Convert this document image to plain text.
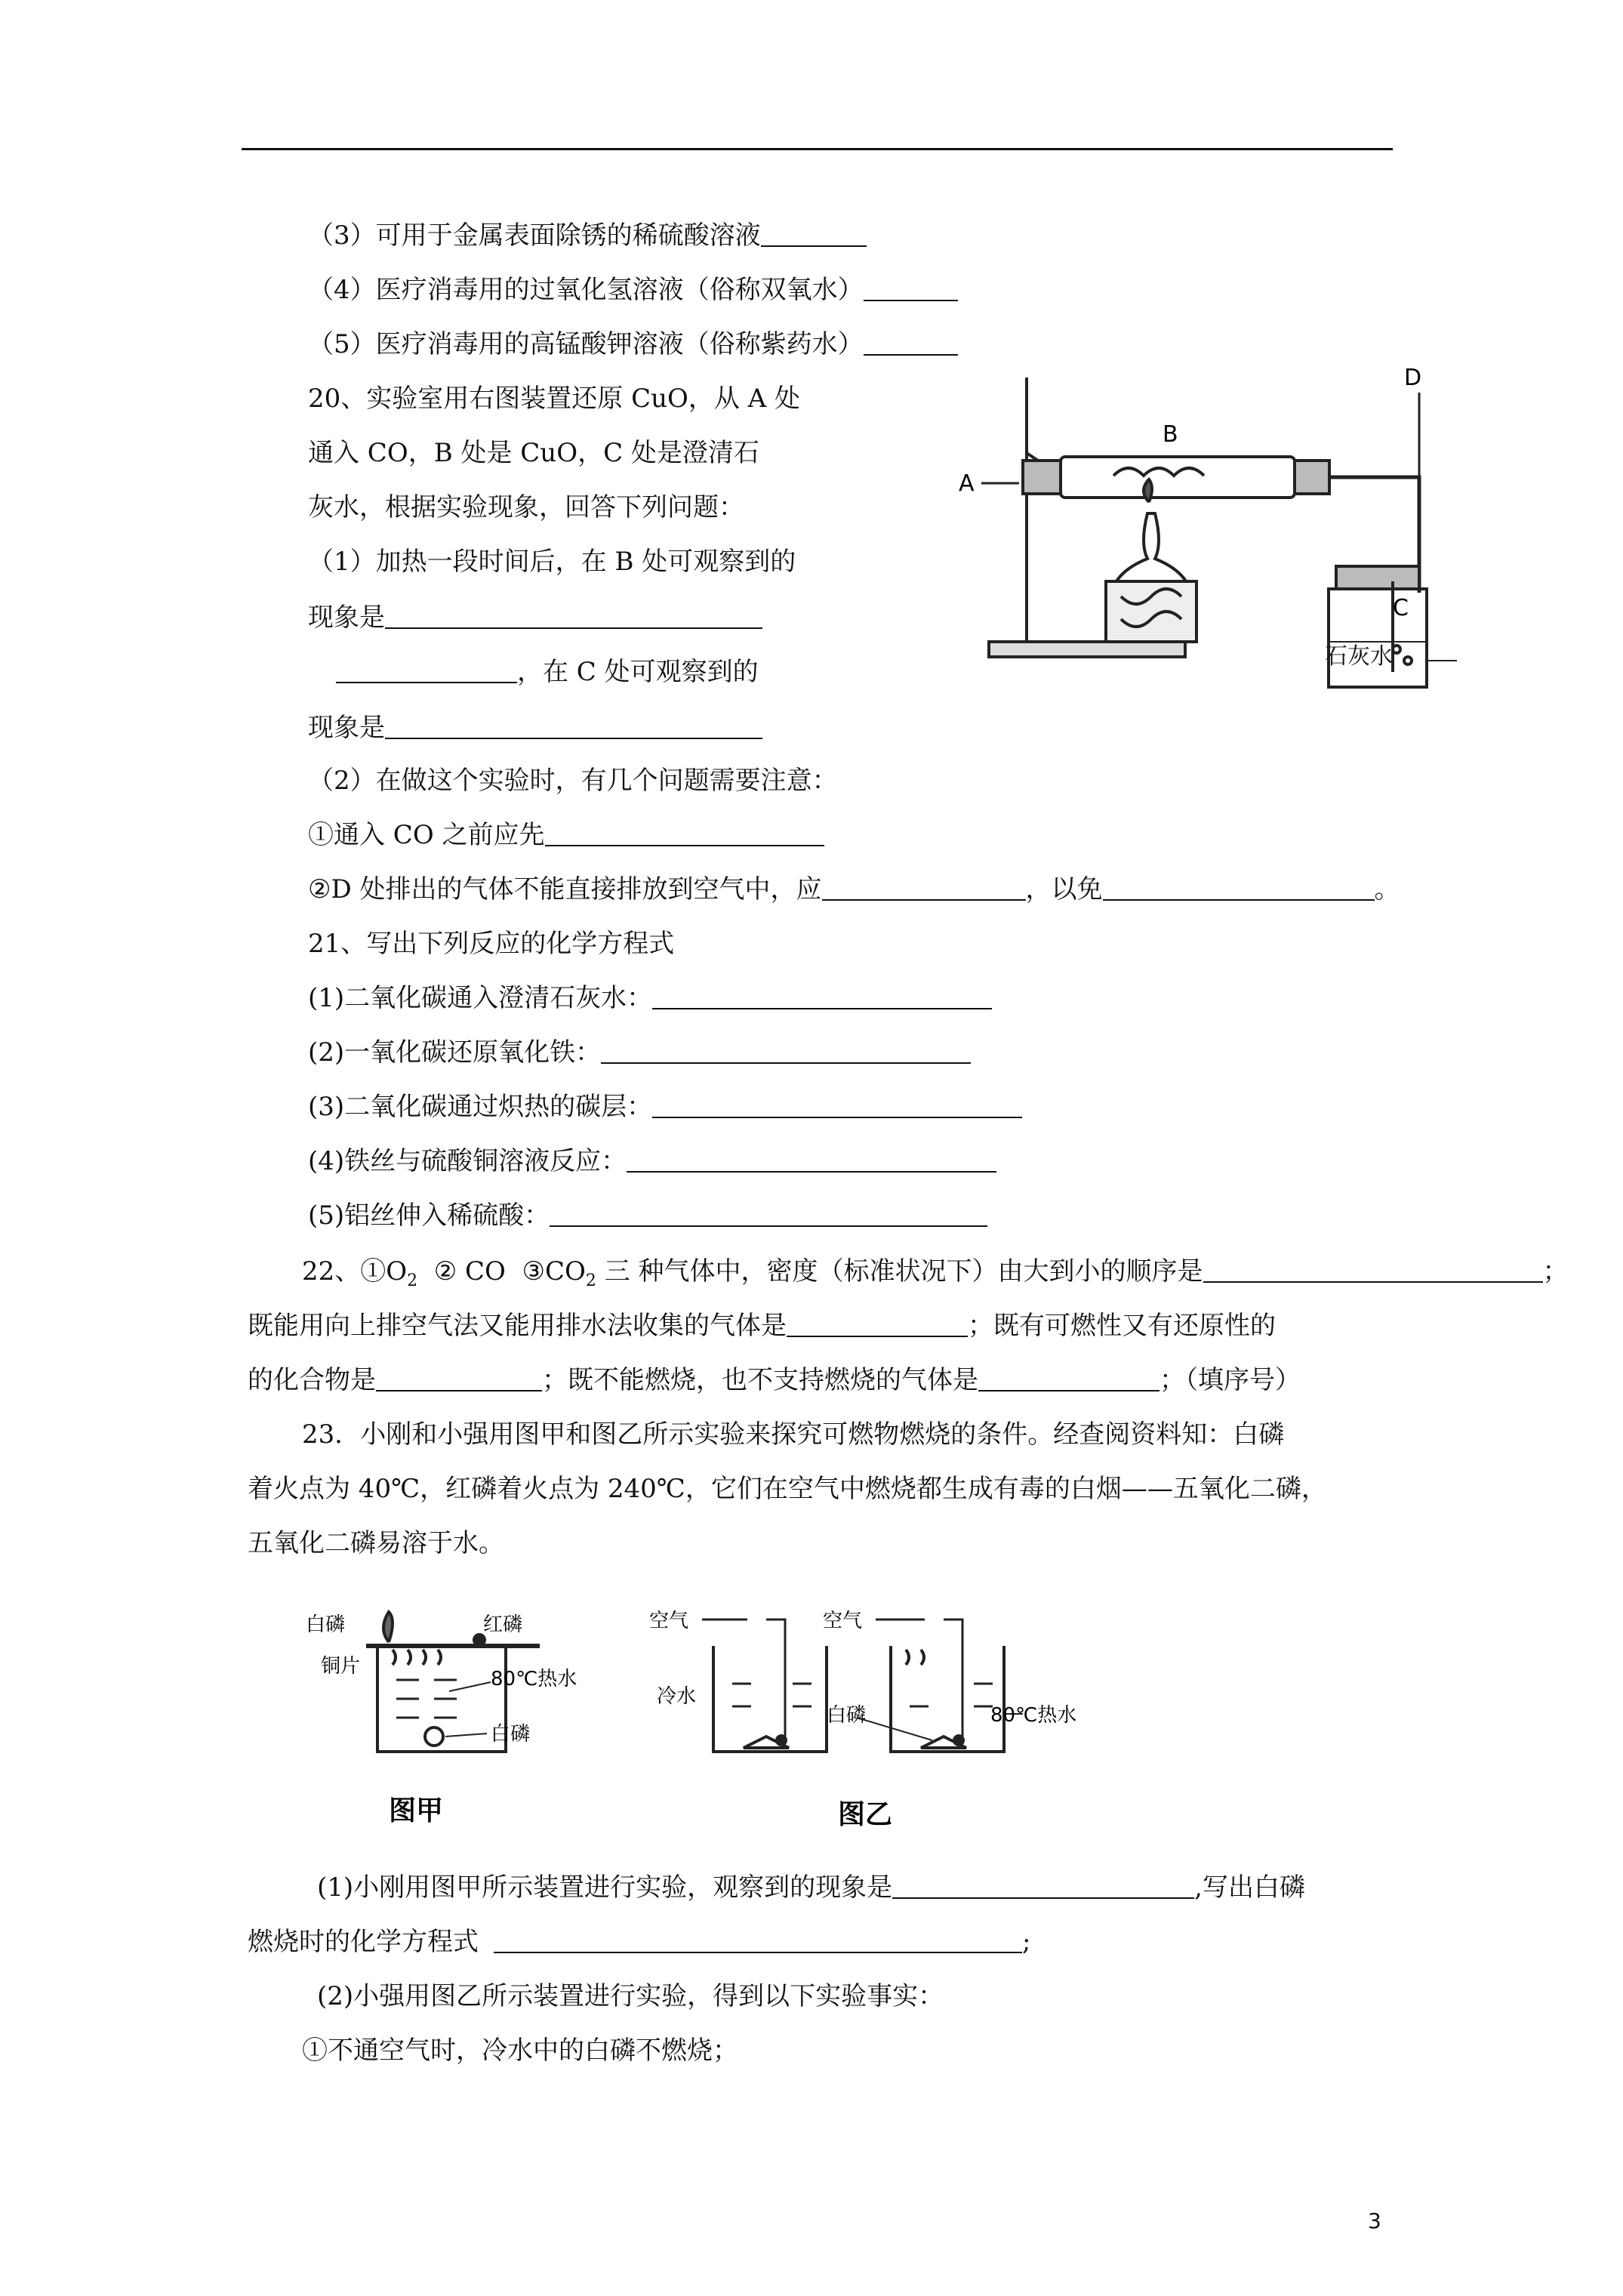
（3）可用于金属表面除锈的稀硫酸溶液
（4）医疗消毒用的过氧化氢溶液（俗称双氧水）
（5）医疗消毒用的高锰酸钾溶液（俗称紫药水）
20、实验室用右图装置还原 CuO，从 A 处
通入 CO，B 处是 CuO，C 处是澄清石
灰水，根据实验现象，回答下列问题：
（1）加热一段时间后，在 B 处可观察到的
现象是
，在 C 处可观察到的
现象是
（2）在做这个实验时，有几个问题需要注意：
①通入 CO 之前应先
②D 处排出的气体不能直接排放到空气中，应	，以免	。
A
B
D
C
石灰水
21、写出下列反应的化学方程式
(1)二氧化碳通入澄清石灰水：
(2)一氧化碳还原氧化铁：
(3)二氧化碳通过炽热的碳层：
(4)铁丝与硫酸铜溶液反应：
(5)铝丝伸入稀硫酸：
22、$①O_2$  ② CO  $③CO_2$ 三 种气体中，密度（标准状况下）由大到小的顺序是	；
既能用向上排空气法又能用排水法收集的气体是	；既有可燃性又有还原性的
的化合物是	；既不能燃烧，也不支持燃烧的气体是	；（填序号）
23．小刚和小强用图甲和图乙所示实验来探究可燃物燃烧的条件。经查阅资料知：白磷
着火点为 40℃，红磷着火点为 240℃，它们在空气中燃烧都生成有毒的白烟——五氧化二磷，
五氧化二磷易溶于水。
白磷	红磷
铜片
80℃热水
白磷
图甲
空气	空气
冷水
白磷	80℃热水
图乙
(1)小刚用图甲所示装置进行实验，观察到的现象是	,写出白磷
燃烧时的化学方程式	;
(2)小强用图乙所示装置进行实验，得到以下实验事实：
①不通空气时，冷水中的白磷不燃烧；
3
